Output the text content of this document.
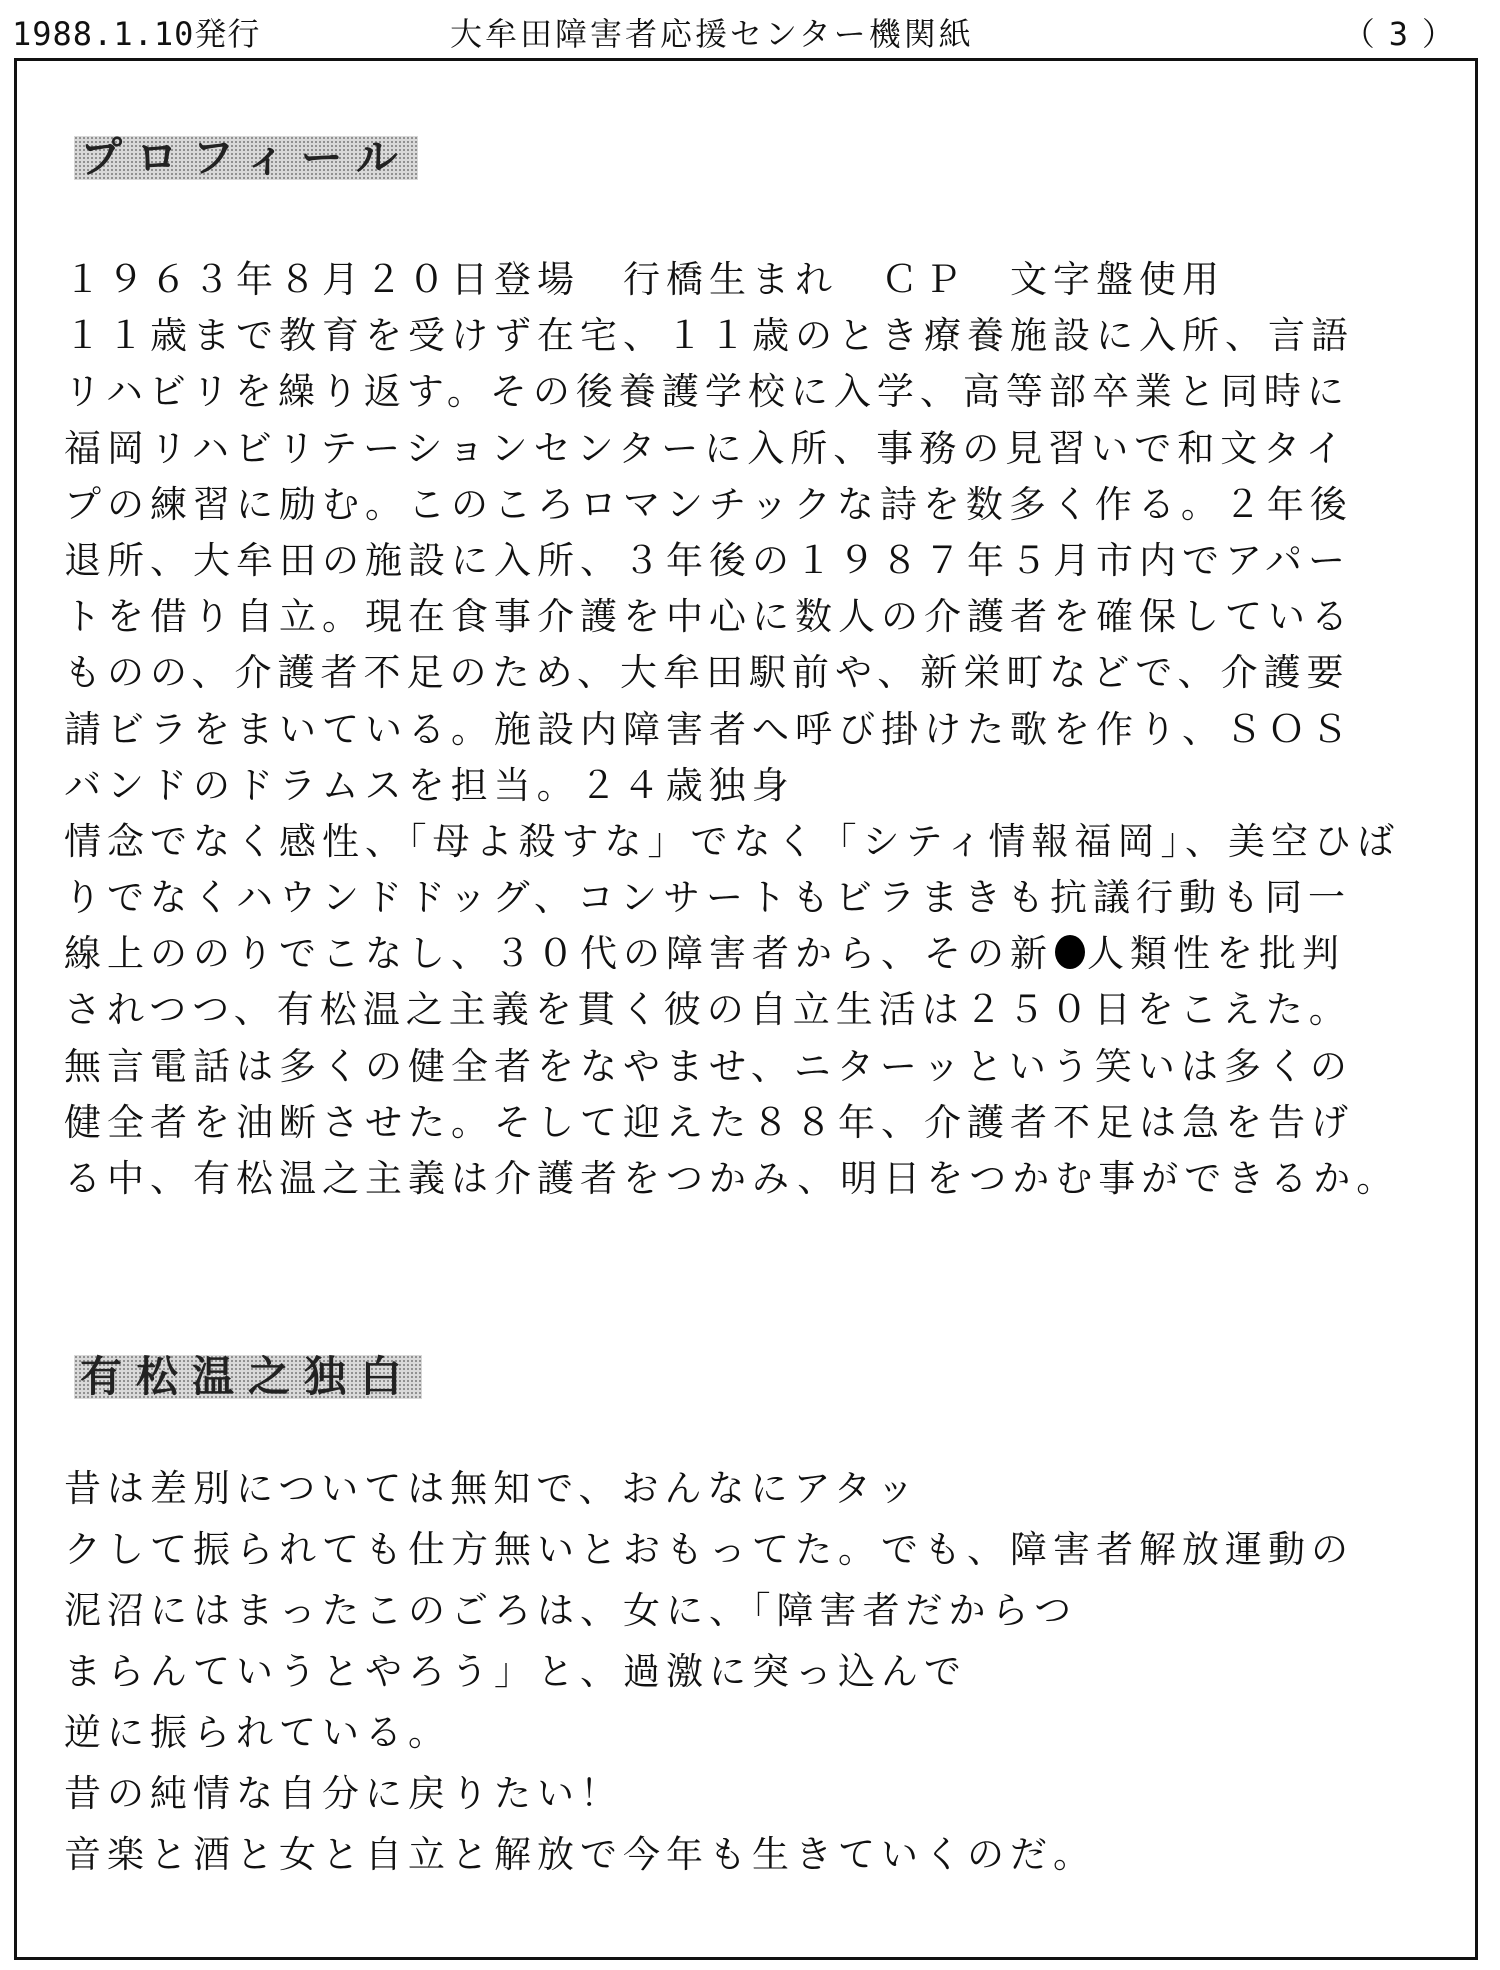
1988.1.10発行	大牟田障害者応援センター機関紙	（3）
プロフィール
１９６３年８月２０日登場　行橋生まれ　ＣＰ　文字盤使用
１１歳まで教育を受けず在宅、１１歳のとき療養施設に入所、言語
リハビリを繰り返す。その後養護学校に入学、高等部卒業と同時に
福岡リハビリテーションセンターに入所、事務の見習いで和文タイ
プの練習に励む。このころロマンチックな詩を数多く作る。２年後
退所、大牟田の施設に入所、３年後の１９８７年５月市内でアパー
トを借り自立。現在食事介護を中心に数人の介護者を確保している
ものの、介護者不足のため、大牟田駅前や、新栄町などで、介護要
請ビラをまいている。施設内障害者へ呼び掛けた歌を作り、ＳＯＳ
バンドのドラムスを担当。２４歳独身
情念でなく感性、「母よ殺すな」でなく「シティ情報福岡」、美空ひば
りでなくハウンドドッグ、コンサートもビラまきも抗議行動も同一
線上ののりでこなし、３０代の障害者から、その新 人類性を批判
されつつ、有松温之主義を貫く彼の自立生活は２５０日をこえた。
無言電話は多くの健全者をなやませ、ニターッという笑いは多くの
健全者を油断させた。そして迎えた８８年、介護者不足は急を告げ
る中、有松温之主義は介護者をつかみ、明日をつかむ事ができるか。
有松温之独白
昔は差別については無知で、おんなにアタッ
クして振られても仕方無いとおもってた。でも、障害者解放運動の
泥沼にはまったこのごろは、女に、「障害者だからつ
まらんていうとやろう」と、過激に突っ込んで
逆に振られている。
昔の純情な自分に戻りたい！
音楽と酒と女と自立と解放で今年も生きていくのだ。
